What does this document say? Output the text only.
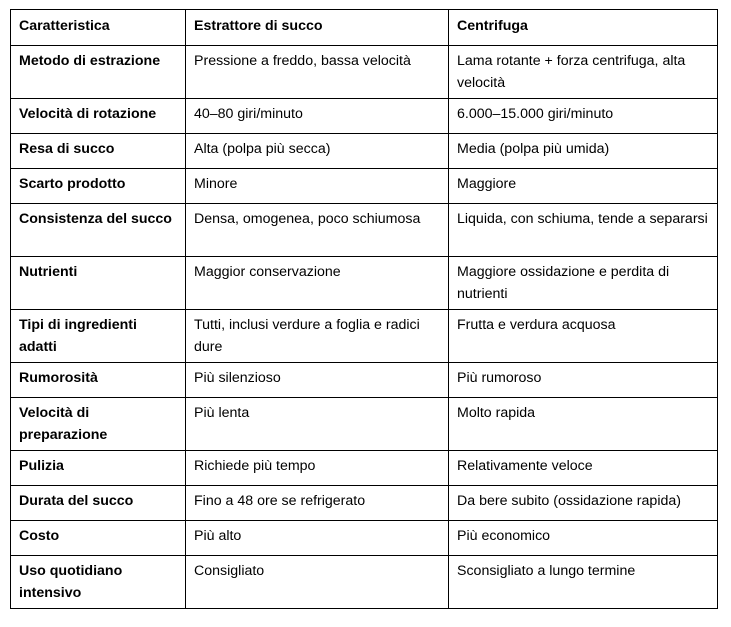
Caratteristica	Estrattore di succo	Centrifuga
Metodo di estrazione	Pressione a freddo, bassa velocità	Lama rotante + forza centrifuga, alta velocità
Velocità di rotazione	40–80 giri/minuto	6.000–15.000 giri/minuto
Resa di succo	Alta (polpa più secca)	Media (polpa più umida)
Scarto prodotto	Minore	Maggiore
Consistenza del succo	Densa, omogenea, poco schiumosa	Liquida, con schiuma, tende a separarsi
Nutrienti	Maggior conservazione	Maggiore ossidazione e perdita di nutrienti
Tipi di ingredienti adatti	Tutti, inclusi verdure a foglia e radici dure	Frutta e verdura acquosa
Rumorosità	Più silenzioso	Più rumoroso
Velocità di preparazione	Più lenta	Molto rapida
Pulizia	Richiede più tempo	Relativamente veloce
Durata del succo	Fino a 48 ore se refrigerato	Da bere subito (ossidazione rapida)
Costo	Più alto	Più economico
Uso quotidiano intensivo	Consigliato	Sconsigliato a lungo termine
